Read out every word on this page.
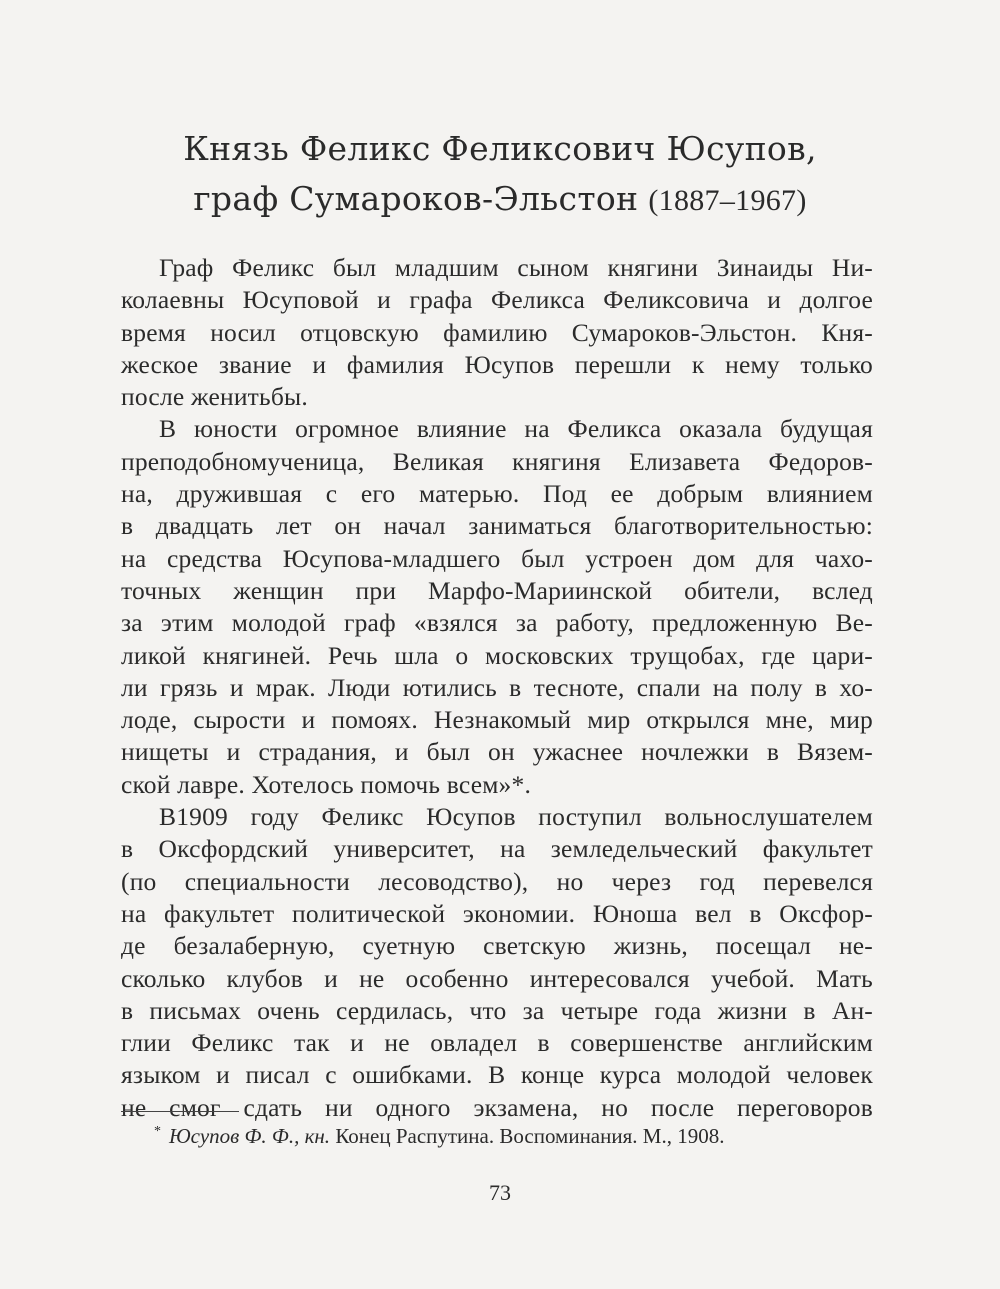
Князь Феликс Феликсович Юсупов,
граф Сумароков-Эльстон (1887–1967)
Граф Феликс был младшим сыном княгини Зинаиды Ни-
колаевны Юсуповой и графа Феликса Феликсовича и долгое
время носил отцовскую фамилию Сумароков-Эльстон. Кня-
жеское звание и фамилия Юсупов перешли к нему только
после женитьбы.
В юности огромное влияние на Феликса оказала будущая
преподобномученица, Великая княгиня Елизавета Федоров-
на, дружившая с его матерью. Под ее добрым влиянием
в двадцать лет он начал заниматься благотворительностью:
на средства Юсупова-младшего был устроен дом для чахо-
точных женщин при Марфо-Мариинской обители, вслед
за этим молодой граф «взялся за работу, предложенную Ве-
ликой княгиней. Речь шла о московских трущобах, где цари-
ли грязь и мрак. Люди ютились в тесноте, спали на полу в хо-
лоде, сырости и помоях. Незнакомый мир открылся мне, мир
нищеты и страдания, и был он ужаснее ночлежки в Вязем-
ской лавре. Хотелось помочь всем»*.
В1909 году Феликс Юсупов поступил вольнослушателем
в Оксфордский университет, на земледельческий факультет
(по специальности лесоводство), но через год перевелся
на факультет политической экономии. Юноша вел в Оксфор-
де безалаберную, суетную светскую жизнь, посещал не-
сколько клубов и не особенно интересовался учебой. Мать
в письмах очень сердилась, что за четыре года жизни в Ан-
глии Феликс так и не овладел в совершенстве английским
языком и писал с ошибками. В конце курса молодой человек
не смог сдать ни одного экзамена, но после переговоров
* Юсупов Ф. Ф., кн. Конец Распутина. Воспоминания. М., 1908.
73
